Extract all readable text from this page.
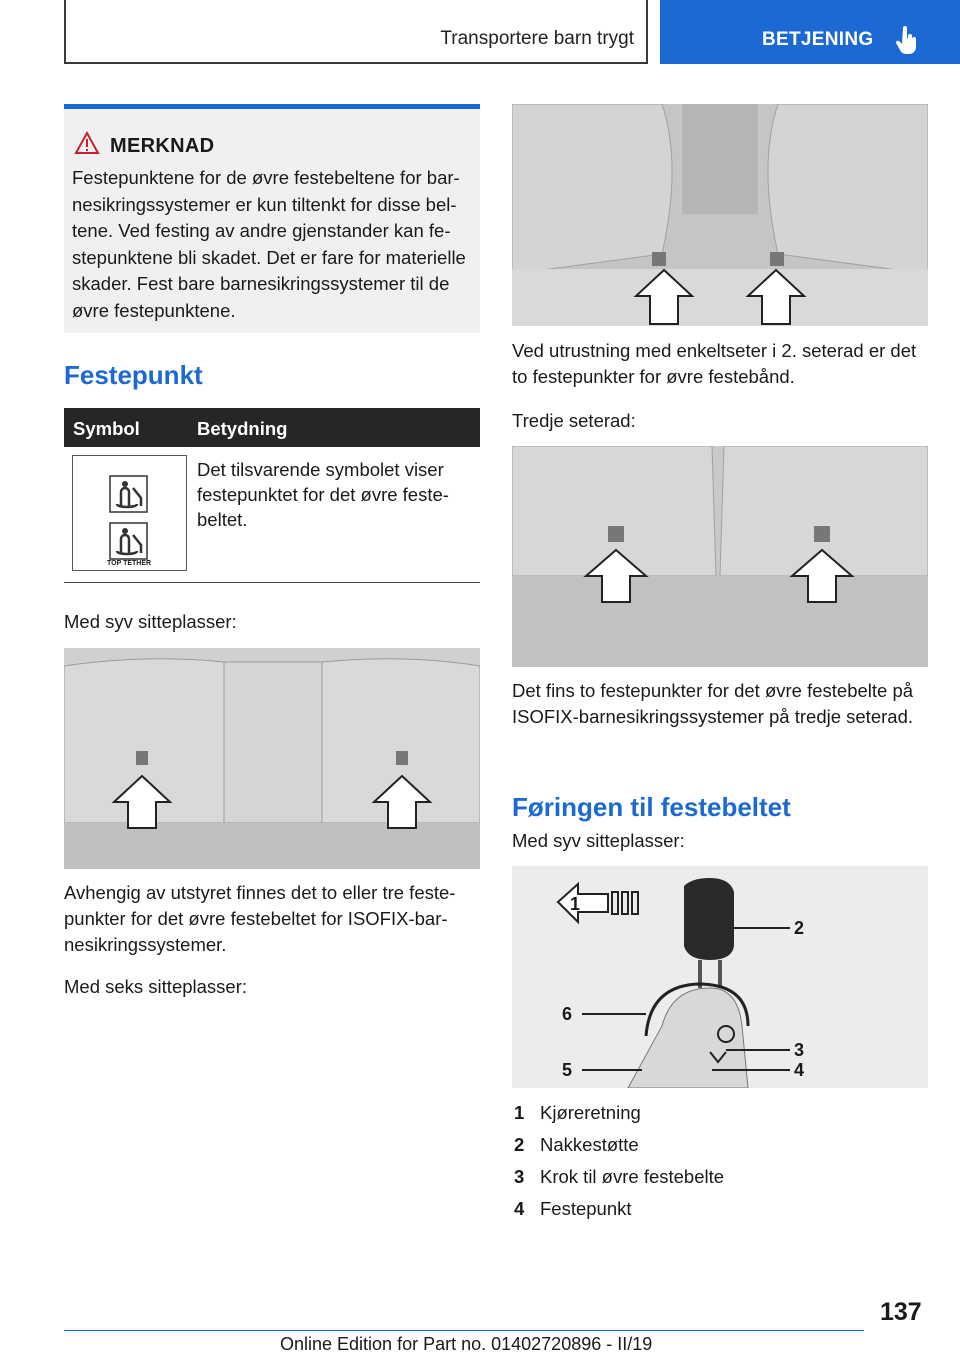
Transportere barn trygt	BETJENING
MERKNAD
Festepunktene for de øvre festebeltene for barnesikringssystemer er kun tiltenkt for disse beltene. Ved festing av andre gjenstander kan festepunktene bli skadet. Det er fare for materielle skader. Fest bare barnesikringssystemer til de øvre festepunktene.
Festepunkt
Symbol	Betydning
TOP TETHER
Det tilsvarende symbolet viser festepunktet for det øvre festebeltet.
Med syv sitteplasser:
Avhengig av utstyret finnes det to eller tre festepunkter for det øvre festebeltet for ISOFIX-barnesikringssystemer.
Med seks sitteplasser:
Ved utrustning med enkeltseter i 2. seterad er det to festepunkter for øvre festebånd.
Tredje seterad:
Det fins to festepunkter for det øvre festebelte på ISOFIX-barnesikringssystemer på tredje seterad.
Føringen til festebeltet
Med syv sitteplasser:
1
2
3
4
5
6
1 Kjøreretning
2 Nakkestøtte
3 Krok til øvre festebelte
4 Festepunkt
137
Online Edition for Part no. 01402720896 - II/19
